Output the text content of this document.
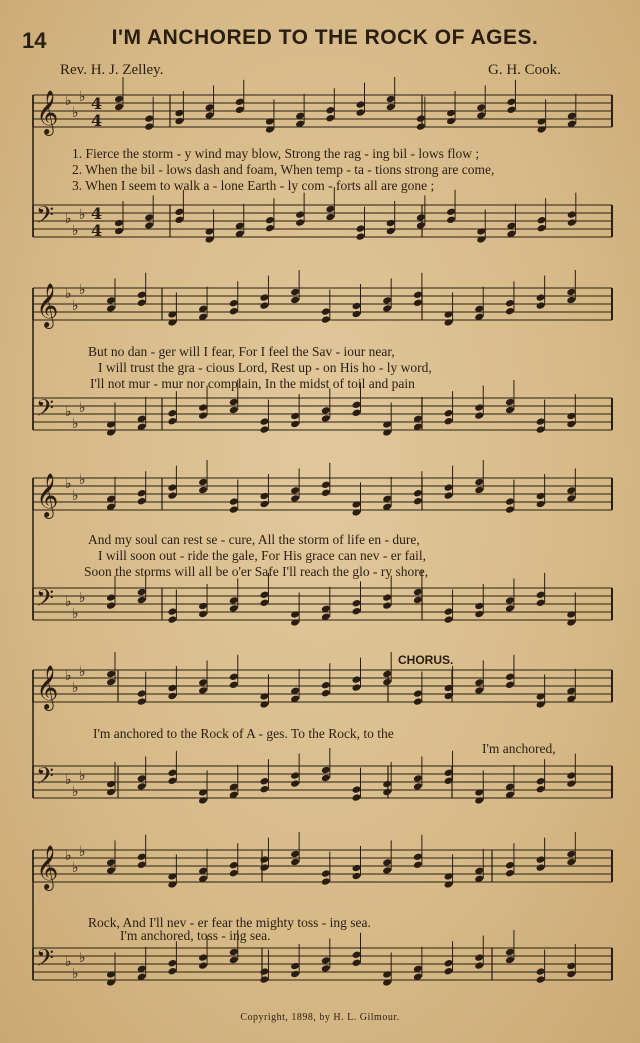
14	I'M ANCHORED TO THE ROCK OF AGES.
Rev. H. J. Zelley.	G. H. Cook.
𝄞 ♭
♭
♭ 4
4
𝄢 ♭
♭
♭ 4
4
𝄞 ♭
♭
♭
𝄢 ♭
♭
♭
𝄞 ♭
♭
♭
𝄢 ♭
♭
♭
𝄞 ♭
♭
♭
𝄢 ♭
♭
♭
𝄞 ♭
♭
♭
𝄢 ♭
♭
♭
1. Fierce the storm - y wind may blow, Strong the rag - ing bil - lows flow ;
2. When the bil - lows dash and foam, When temp - ta - tions strong are come,
3. When I seem to walk a - lone Earth - ly com - forts all are gone ;
But no dan - ger will I fear, For I feel the Sav - iour near,
I will trust the gra - cious Lord, Rest up - on His ho - ly word,
I'll not mur - mur nor complain, In the midst of toil and pain
And my soul can rest se - cure, All the storm of life en - dure,
I will soon out - ride the gale, For His grace can nev - er fail,
Soon the storms will all be o'er Safe I'll reach the glo - ry shore,
CHORUS.
I'm anchored to the Rock of A - ges. To the Rock, to the
I'm anchored,
Rock, And I'll nev - er fear the mighty toss - ing sea.
I'm anchored, toss - ing sea.
Copyright, 1898, by H. L. Gilmour.
